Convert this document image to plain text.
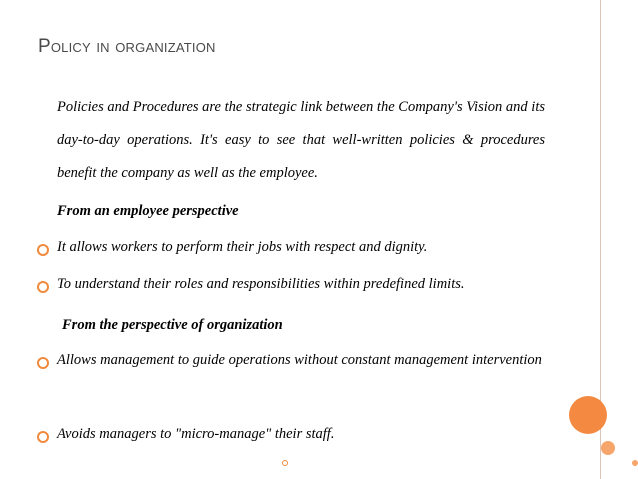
Policy in organization
Policies and Procedures are the strategic link between the Company's Vision and its day-to-day operations. It's easy to see that well-written policies & procedures benefit the company as well as the employee.
From an employee perspective
It allows workers to perform their jobs with respect and dignity.
To understand their roles and responsibilities within predefined limits.
From the perspective of organization
Allows management to guide operations without constant management intervention
Avoids managers to "micro-manage" their staff.
